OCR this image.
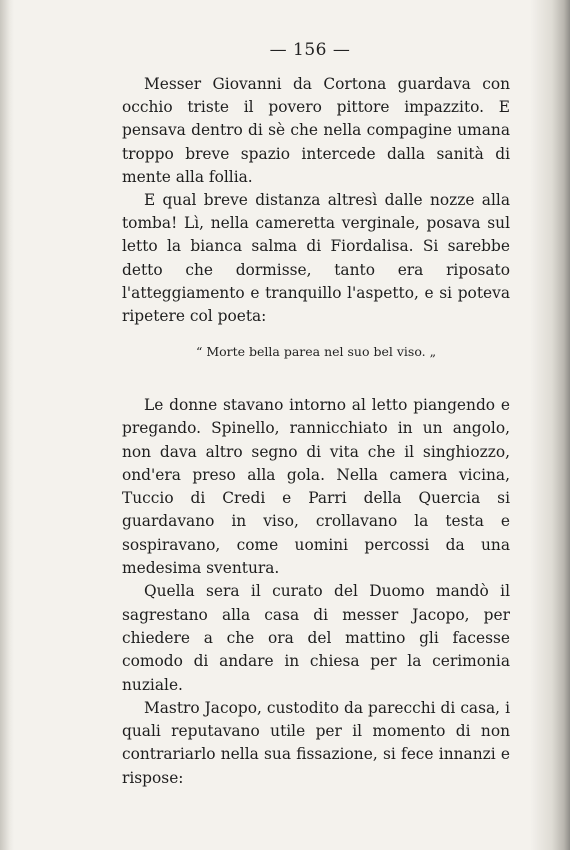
— 156 —

Messer Giovanni da Cortona guardava con occhio triste il povero pittore impazzito. E pensava dentro di sè che nella compagine umana troppo breve spazio intercede dalla sanità di mente alla follia.

E qual breve distanza altresì dalle nozze alla tomba! Lì, nella cameretta verginale, posava sul letto la bianca salma di Fiordalisa. Si sarebbe detto che dormisse, tanto era riposato l'atteggiamento e tranquillo l'aspetto, e si poteva ripetere col poeta:

“ Morte bella parea nel suo bel viso. „

Le donne stavano intorno al letto piangendo e pregando. Spinello, rannicchiato in un angolo, non dava altro segno di vita che il singhiozzo, ond'era preso alla gola. Nella camera vicina, Tuccio di Credi e Parri della Quercia si guardavano in viso, crollavano la testa e sospiravano, come uomini percossi da una medesima sventura.

Quella sera il curato del Duomo mandò il sagrestano alla casa di messer Jacopo, per chiedere a che ora del mattino gli facesse comodo di andare in chiesa per la cerimonia nuziale.

Mastro Jacopo, custodito da parecchi di casa, i quali reputavano utile per il momento di non contrariarlo nella sua fissazione, si fece innanzi e rispose:
